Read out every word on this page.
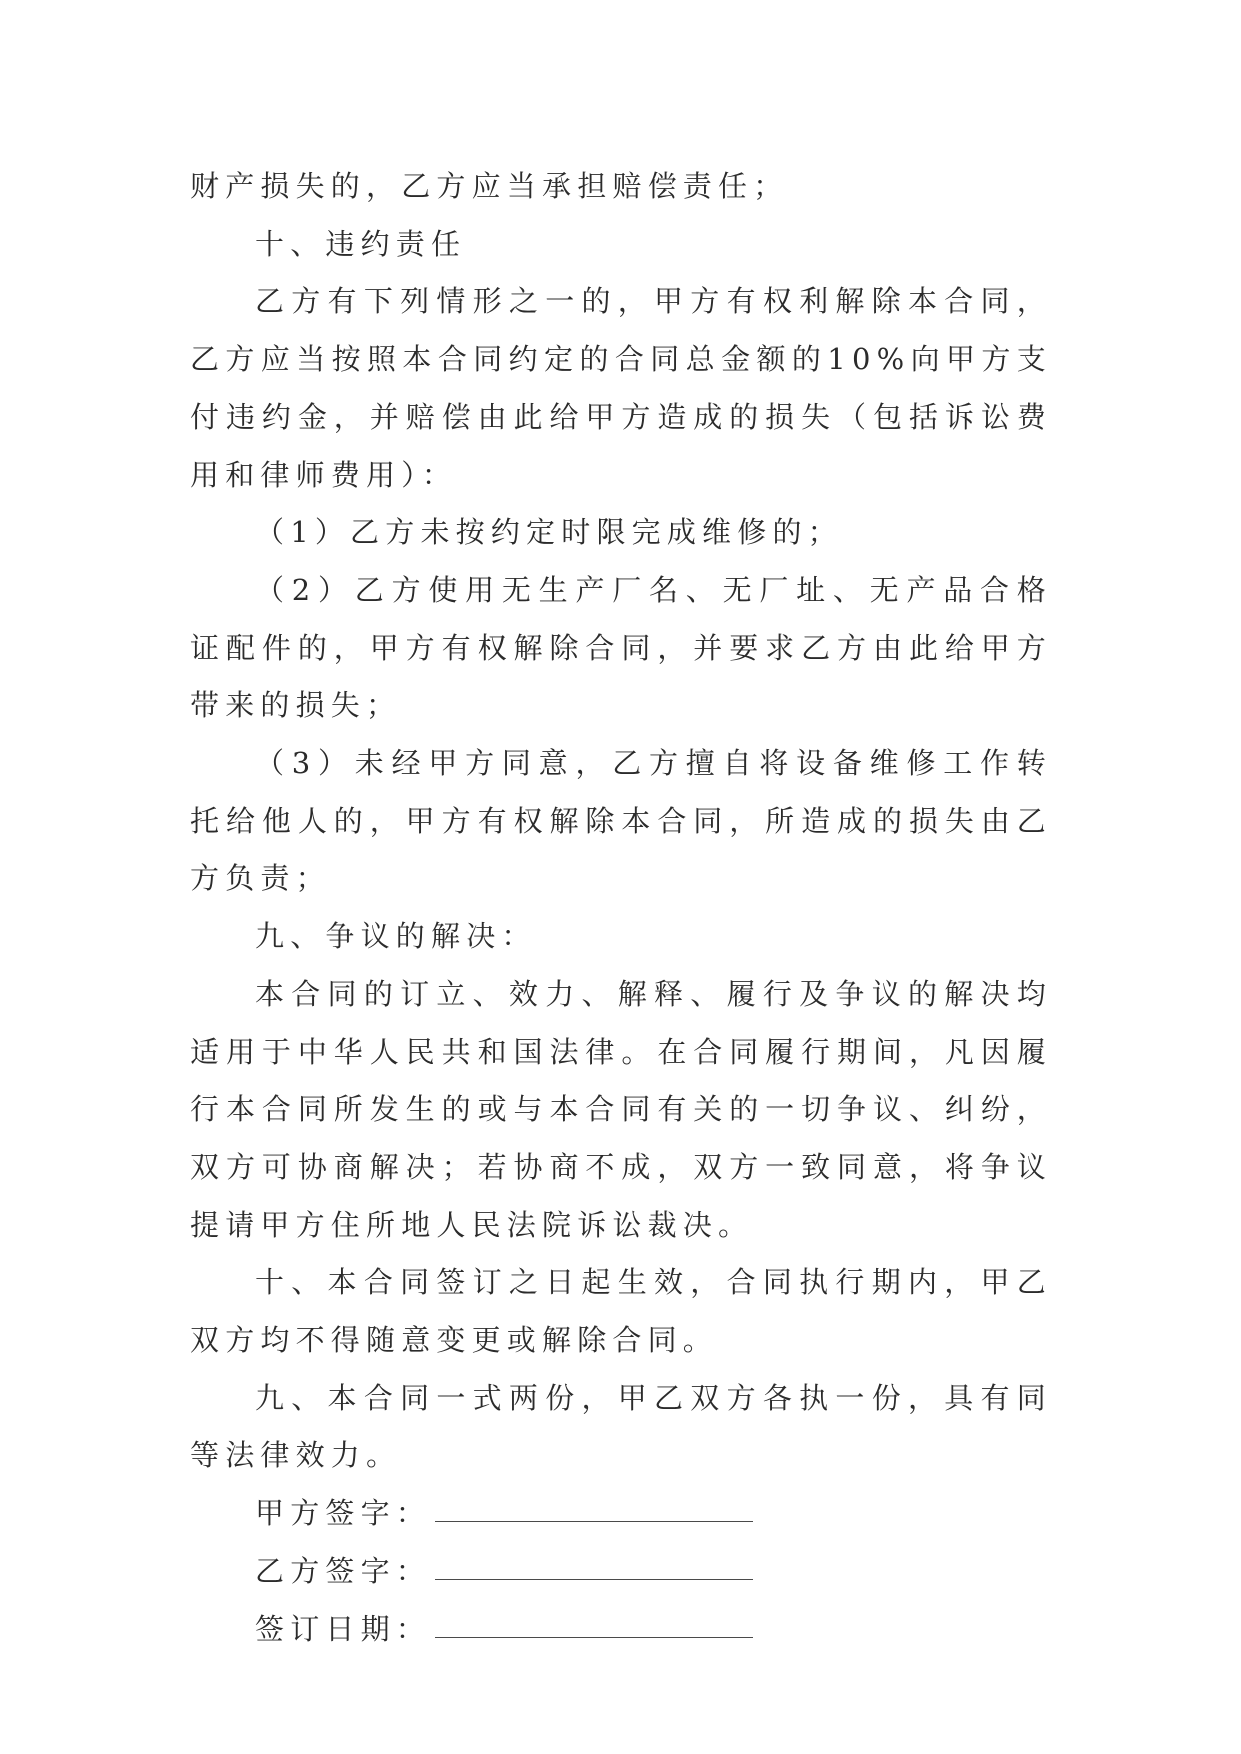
财产损失的，乙方应当承担赔偿责任；

十、违约责任

乙方有下列情形之一的，甲方有权利解除本合同，乙方应当按照本合同约定的合同总金额的10%向甲方支付违约金，并赔偿由此给甲方造成的损失（包括诉讼费用和律师费用）：

（1）乙方未按约定时限完成维修的；

（2）乙方使用无生产厂名、无厂址、无产品合格证配件的，甲方有权解除合同，并要求乙方由此给甲方带来的损失；

（3）未经甲方同意，乙方擅自将设备维修工作转托给他人的，甲方有权解除本合同，所造成的损失由乙方负责；

九、争议的解决：

本合同的订立、效力、解释、履行及争议的解决均适用于中华人民共和国法律。在合同履行期间，凡因履行本合同所发生的或与本合同有关的一切争议、纠纷，双方可协商解决；若协商不成，双方一致同意，将争议提请甲方住所地人民法院诉讼裁决。

十、本合同签订之日起生效，合同执行期内，甲乙双方均不得随意变更或解除合同。

九、本合同一式两份，甲乙双方各执一份，具有同等法律效力。

甲方签字：

乙方签字：

签订日期：
